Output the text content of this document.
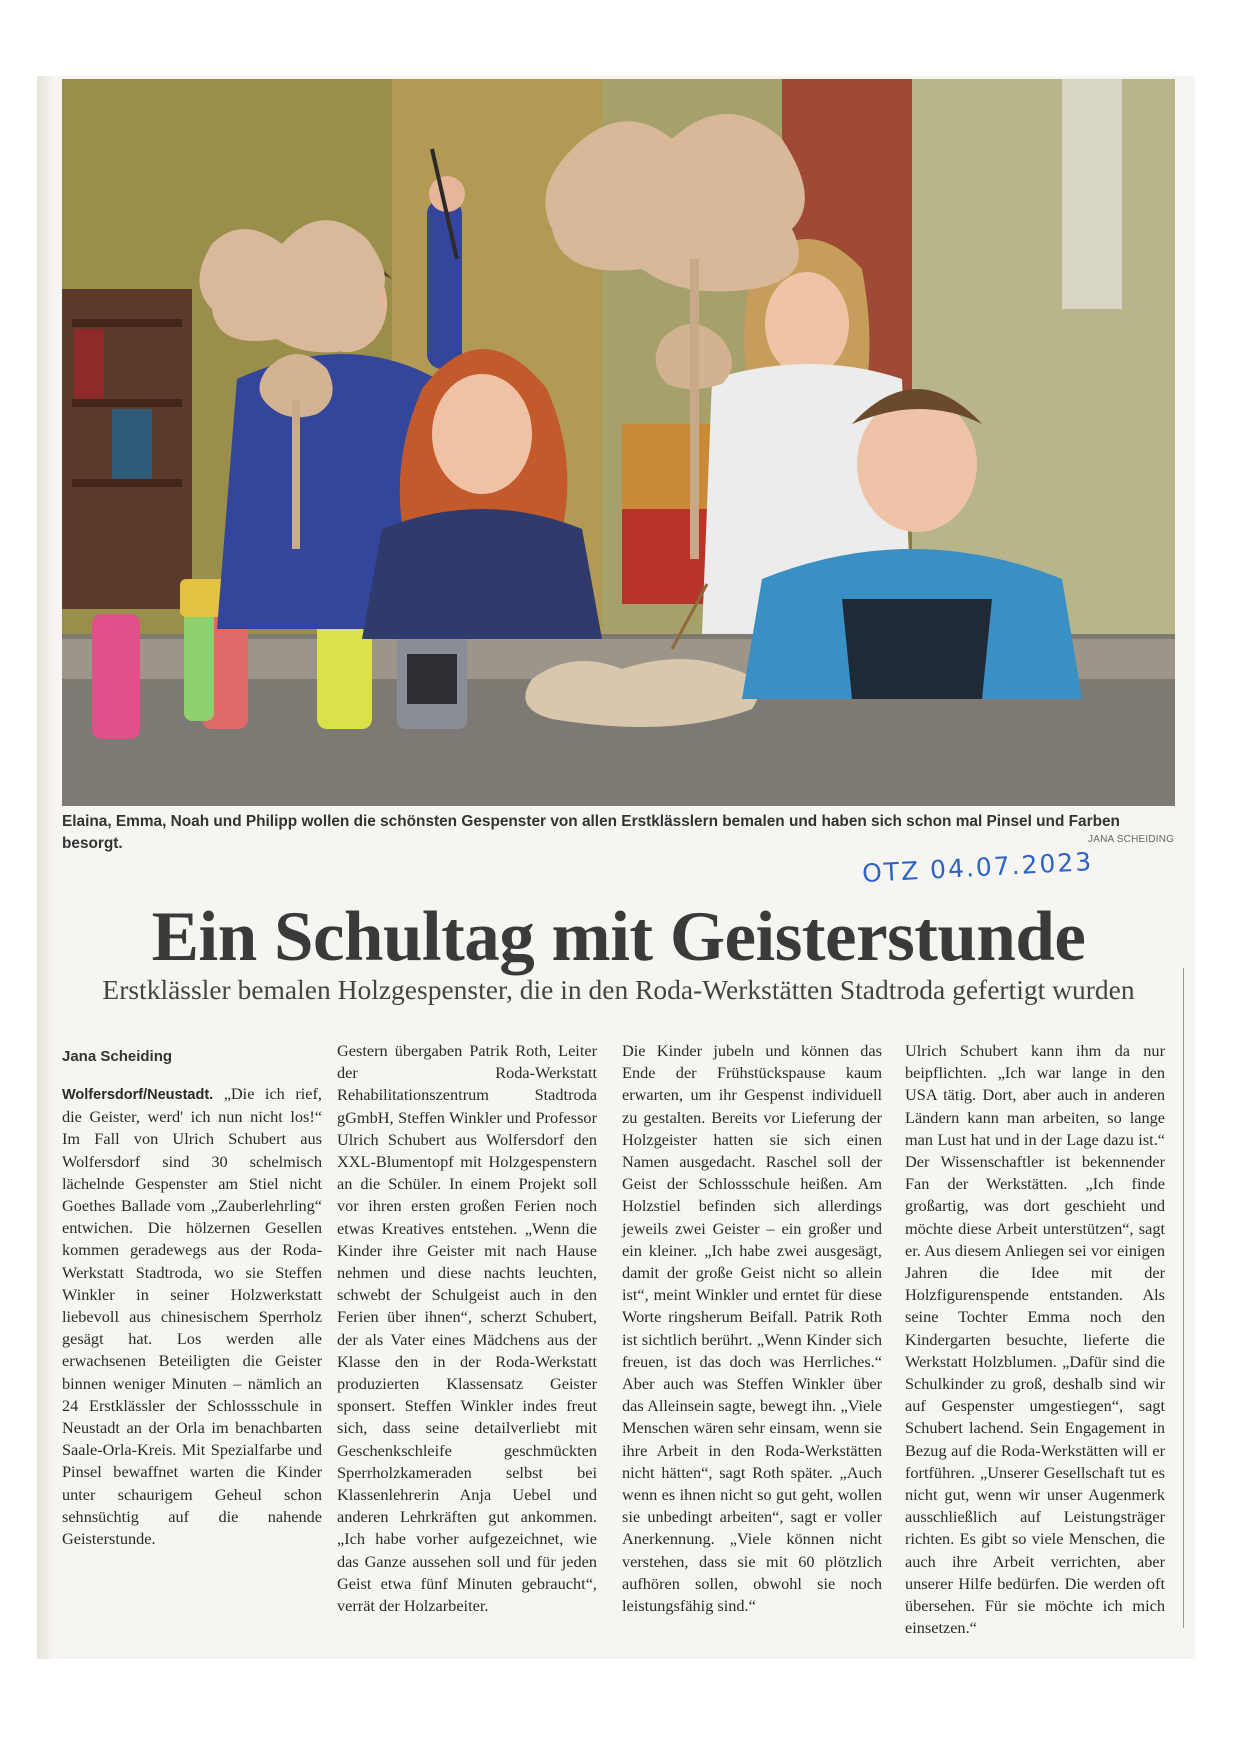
Elaina, Emma, Noah und Philipp wollen die schönsten Gespenster von allen Erstklässlern bemalen und haben sich schon mal Pinsel und Farben besorgt.	JANA SCHEIDING
OTZ 04.07.2023
Ein Schultag mit Geisterstunde
Erstklässler bemalen Holzgespenster, die in den Roda-Werkstätten Stadtroda gefertigt wurden
Jana Scheiding

Wolfersdorf/Neustadt. „Die ich rief, die Geister, werd' ich nun nicht los!“ Im Fall von Ulrich Schubert aus Wolfersdorf sind 30 schelmisch lächelnde Gespenster am Stiel nicht Goethes Ballade vom „Zauberlehrling“ entwichen. Die hölzernen Gesellen kommen geradewegs aus der Roda-Werkstatt Stadtroda, wo sie Steffen Winkler in seiner Holzwerkstatt liebevoll aus chinesischem Sperrholz gesägt hat. Los werden alle erwachsenen Beteiligten die Geister binnen weniger Minuten – nämlich an 24 Erstklässler der Schlossschule in Neustadt an der Orla im benachbarten Saale-Orla-Kreis. Mit Spezialfarbe und Pinsel bewaffnet warten die Kinder unter schaurigem Geheul schon sehnsüchtig auf die nahende Geisterstunde.

Gestern übergaben Patrik Roth, Leiter der Roda-Werkstatt Rehabilitationszentrum Stadtroda gGmbH, Steffen Winkler und Professor Ulrich Schubert aus Wolfersdorf den XXL-Blumentopf mit Holzgespenstern an die Schüler. In einem Projekt soll vor ihren ersten großen Ferien noch etwas Kreatives entstehen. „Wenn die Kinder ihre Geister mit nach Hause nehmen und diese nachts leuchten, schwebt der Schulgeist auch in den Ferien über ihnen“, scherzt Schubert, der als Vater eines Mädchens aus der Klasse den in der Roda-Werkstatt produzierten Klassensatz Geister sponsert. Steffen Winkler indes freut sich, dass seine detailverliebt mit Geschenkschleife geschmückten Sperrholzkameraden selbst bei Klassenlehrerin Anja Uebel und anderen Lehrkräften gut ankommen. „Ich habe vorher aufgezeichnet, wie das Ganze aussehen soll und für jeden Geist etwa fünf Minuten gebraucht“, verrät der Holzarbeiter.

Die Kinder jubeln und können das Ende der Frühstückspause kaum erwarten, um ihr Gespenst individuell zu gestalten. Bereits vor Lieferung der Holzgeister hatten sie sich einen Namen ausgedacht. Raschel soll der Geist der Schlossschule heißen. Am Holzstiel befinden sich allerdings jeweils zwei Geister – ein großer und ein kleiner. „Ich habe zwei ausgesägt, damit der große Geist nicht so allein ist“, meint Winkler und erntet für diese Worte ringsherum Beifall. Patrik Roth ist sichtlich berührt. „Wenn Kinder sich freuen, ist das doch was Herrliches.“ Aber auch was Steffen Winkler über das Alleinsein sagte, bewegt ihn. „Viele Menschen wären sehr einsam, wenn sie ihre Arbeit in den Roda-Werkstätten nicht hätten“, sagt Roth später. „Auch wenn es ihnen nicht so gut geht, wollen sie unbedingt arbeiten“, sagt er voller Anerkennung. „Viele können nicht verstehen, dass sie mit 60 plötzlich aufhören sollen, obwohl sie noch leistungsfähig sind.“

Ulrich Schubert kann ihm da nur beipflichten. „Ich war lange in den USA tätig. Dort, aber auch in anderen Ländern kann man arbeiten, so lange man Lust hat und in der Lage dazu ist.“ Der Wissenschaftler ist bekennender Fan der Werkstätten. „Ich finde großartig, was dort geschieht und möchte diese Arbeit unterstützen“, sagt er. Aus diesem Anliegen sei vor einigen Jahren die Idee mit der Holzfigurenspende entstanden. Als seine Tochter Emma noch den Kindergarten besuchte, lieferte die Werkstatt Holzblumen. „Dafür sind die Schulkinder zu groß, deshalb sind wir auf Gespenster umgestiegen“, sagt Schubert lachend. Sein Engagement in Bezug auf die Roda-Werkstätten will er fortführen. „Unserer Gesellschaft tut es nicht gut, wenn wir unser Augenmerk ausschließlich auf Leistungsträger richten. Es gibt so viele Menschen, die auch ihre Arbeit verrichten, aber unserer Hilfe bedürfen. Die werden oft übersehen. Für sie möchte ich mich einsetzen.“
